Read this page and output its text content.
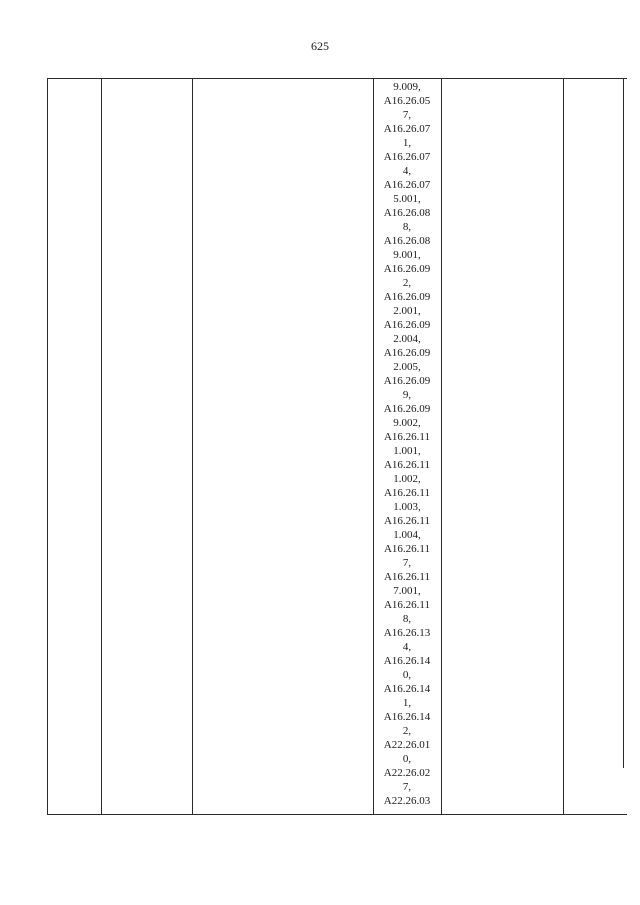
625
9.009,
A16.26.05
7,
A16.26.07
1,
A16.26.07
4,
A16.26.07
5.001,
A16.26.08
8,
A16.26.08
9.001,
A16.26.09
2,
A16.26.09
2.001,
A16.26.09
2.004,
A16.26.09
2.005,
A16.26.09
9,
A16.26.09
9.002,
A16.26.11
1.001,
A16.26.11
1.002,
A16.26.11
1.003,
A16.26.11
1.004,
A16.26.11
7,
A16.26.11
7.001,
A16.26.11
8,
A16.26.13
4,
A16.26.14
0,
A16.26.14
1,
A16.26.14
2,
A22.26.01
0,
A22.26.02
7,
A22.26.03
